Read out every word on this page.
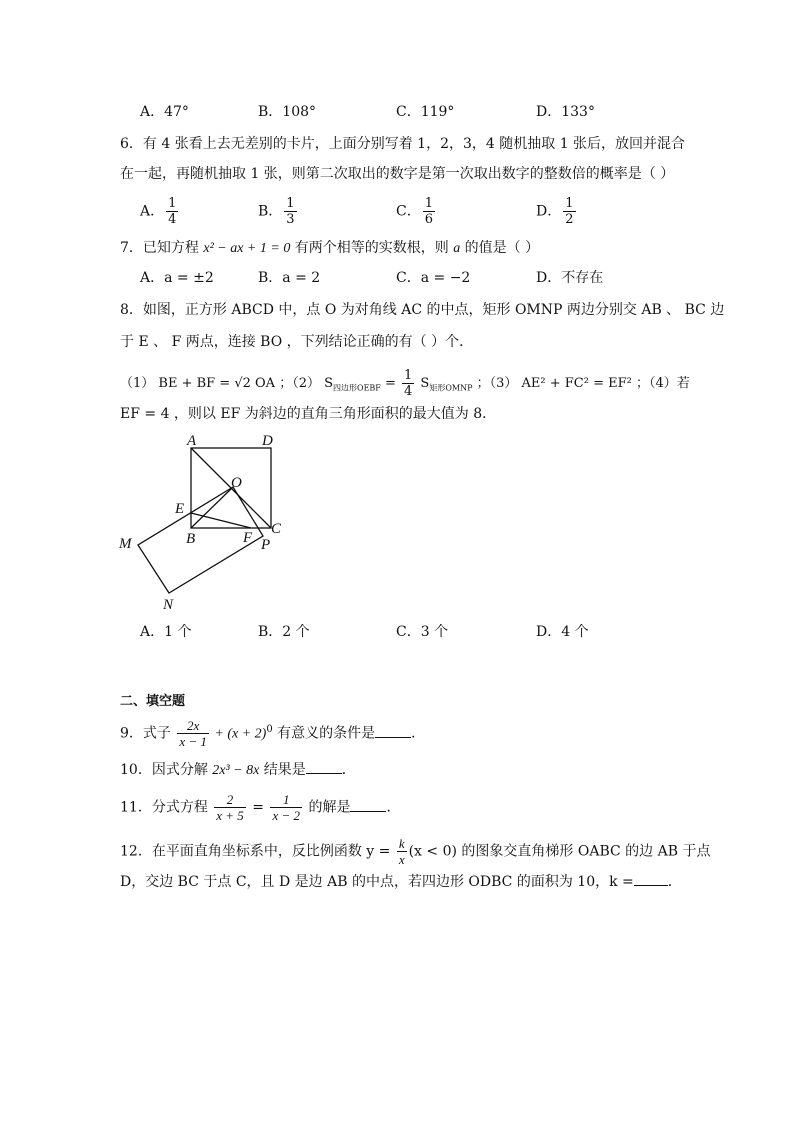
A．47°	B．108°	C．119°	D．133°
6．有 4 张看上去无差别的卡片，上面分别写着 1，2，3，4 随机抽取 1 张后，放回并混合
在一起，再随机抽取 1 张，则第二次取出的数字是第一次取出数字的整数倍的概率是（ ）
A． $\frac{1}{4}$	B． $\frac{1}{3}$	C． $\frac{1}{6}$	D． $\frac{1}{2}$
7．已知方程 x² − ax + 1 = 0 有两个相等的实数根，则 a 的值是（ ）
A．a = ±2	B．a = 2	C．a = −2	D．不存在
8．如图，正方形 ABCD 中，点 O 为对角线 AC 的中点，矩形 OMNP 两边分别交 AB 、 BC 边
于 E 、 F 两点，连接 BO ，下列结论正确的有（ ）个．
（1） BE + BF = √2 OA ；（2） $S_{四边形OEBF} = \frac{1}{4} S_{矩形OMNP}$ ；（3） AE² + FC² = EF² ；（4）若
EF = 4 ，则以 EF 为斜边的直角三角形面积的最大值为 8．
A	D
O
E
B	F
C
P
M
N
A．1 个	B．2 个	C．3 个	D．4 个
二、填空题
9．式子 $\frac{2x}{x - 1} + (x + 2)^0$ 有意义的条件是	．
10．因式分解 2x³ − 8x 结果是	．
11．分式方程 $\frac{2}{x + 5} = \frac{1}{x - 2}$ 的解是	．
12．在平面直角坐标系中，反比例函数 $y = \frac{k}{x} (x < 0)$ 的图象交直角梯形 OABC 的边 AB 于点
D，交边 BC 于点 C，且 D 是边 AB 的中点，若四边形 ODBC 的面积为 10，k = ．
